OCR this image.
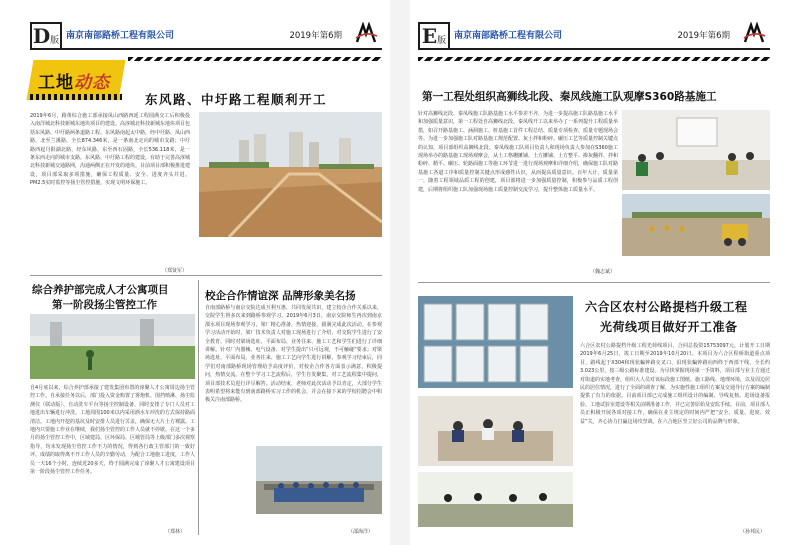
D版 南京南部路桥工程有限公司	2019年第6期
工地动态
东风路、中圩路工程顺利开工
2019年6月，路黄综合施工部承接凤山西路西延工程圆满交工后积极投入南洋城北科技新城东地块项目的建设。高淳城北科技新城东地块项目包括东风路、中圩路两条道路工程。东风路南起太中路，经中圩路、凤山西路，北至兰溪路，全长874.346米，是一条南北走向的城市支路；中圩路西起丹阳湖北路，经东风路，东至西石固路，全长536.118米，是一条东西走向的城市支路。东风路、中圩路工程的建设，有助于完善高淳城北科技新城交通路网，沟通两侧正在开发的地块。目前项目部积极推进建设，项目部采取多项措施，确保工程质量、安全、进度齐头并进。PM2.5实时监控等扬尘管控措施，实现文明环保施工。
（郑贤军）
综合养护部完成人才公寓项目
第一阶段扬尘管控工作
自4月底以来，综合养护部承接了建发集团布置的淳聚人才公寓周边扬尘管控工作。自承接任务以后，部门投入资金购置了雾炮机、围挡喷淋、扬尘监测仪（联动版）、自动洗车平台等扬尘控制设备，同时安排了专门人员对工地进出车辆进行冲洗。工地周围100米以内采用洒水车冲洗的方式保持路面清洁。工地内开挖的基坑及时安排人员进行苫盖，确保无大片土方裸露。工地内只要施工作业在继续，我们扬尘管控的工作人员就不停歇。在这一个多月的扬尘管控工作中，区域建局、区环保局、区城管局等上级部门多次视察指导，均未发现扬尘管控工作不力的情况，得到各行政主管部门的一致好评。成绩的取得离不开工作人员的辛勤劳动，为配合工地施工进度，工作人员一天16个小时，连续近20多天，终于圆满完成了淳聚人才公寓建设项目第一阶段扬尘管控工作任务。
（郑林）
校企合作情谊深 品牌形象美名扬
自南部路桥与南京交院达成互利互惠、共同发展共识，建立校企合作关系以来，交院学生督多次来到路桥参观学习。2019年6月3日，南京交院师生再次到南京溧水项目现场参观学习，梁厂精心准备，热情迎接，圆满完成此次活动。在参观学习活动开始时，梁厂技术负责人对施工现场进行了介绍，对交院学生进行了安全教育，同时对梁场选址、平面布局、业务往来、施工工艺和学生们进行了详细讲解。针对厂内器械、电气设备、对学生提出“只可远观，不可触碰”要求；对梁场选址、平面布局、业务往来、施工工艺向学生进行讲解，参观学习结束后，同学们对南部路桥现场管理给予高度评价，对校企合作各方面表示满意，积极提问，热情交流。在整个学习工艺流程后，学生自发聚集，对工艺流程集中提问，项目部技术员进行详尽解答。活动结束，老师对此次活动予以肯定，大部分学生表明希望将来能有到南部路桥实习工作的机会，并会在接下来的学校招聘会中积极关注南部路桥。
（邵海洋）
E版 南京南部路桥工程有限公司	2019年第6期
第一工程处组织高狮线北段、秦凤线施工队观摩S360路基施工
针对高狮线北段、秦凤线施工队路基施工水平参差不齐，为进一步提高施工队路基施工水平和加强质量意识，第一工程处自高狮线北段、秦凤线开工以来举办了一系列提升工程质量举措，如召开路基施工、涵洞施工、桩基施工首件工程总结、质量专项检查、质量专题现场会等。为进一步加强施工队对路基施工规范配置、灰土拌和粉碎、碾压工艺等质量控制关键点的认知，项目部组织高狮线北段、秦凤线施工队项目负责人和现场负责人参加在S360施工现场举办的路基施工现场观摩会，从土工格栅摊铺、土方摊铺、土方整平、掺灰翻拌、拌和粉碎、精平、碾压、轮路面施工等施工环节进一进行现场观摩和详细介绍，确保施工队对路基施工各道工序和质量控制关键点形成感性认识，从而提高质量意识。百年大计，质量第一，随着工程领域品质工程的创建，项目部将进一步加强质量控制，积极参与品质工程创建，后期将组织施工队加强现场施工质量控制交流学习，提升整体施工质量水平。
（魏志斌）
六合区农村公路提档升级工程
光荷线项目做好开工准备
六合区农村公路提档升级工程光荷线项目，合同总投资15753097元，计划开工日期2019年6月25日，竣工日期至2019年10月20日。本项目为六合区程桥街道重点项目，路线起于X304和现状蝙钟路交叉口，沿现状蝙钟路向西终于西部干线，全长约3.023公里，按三级公路标准建设。为尽快掌握现场第一手资料，项目部与业主方通过对街道的实地考查，组织大人员对该标段施工图纸、施工路线、地理环境，以及周边居民的居住情况，进行了全面的调查了解，为实施性施工组织方案及交通导行方案的编制提供了有力的依据。目前项目部已完成施工组织设计的编制、导线复核、进场设备报验、工地试验室建设等相关前期准备工作，并已完善原始及安监手续。目前，项目部人员正积极开展各项对接工作，确保在业主规定的时间内严把“安全、质量、进度、效益”关，齐心协力打赢这场攻坚战，在六合地区竖立好公司的品牌与形象。
（孙邦民）
